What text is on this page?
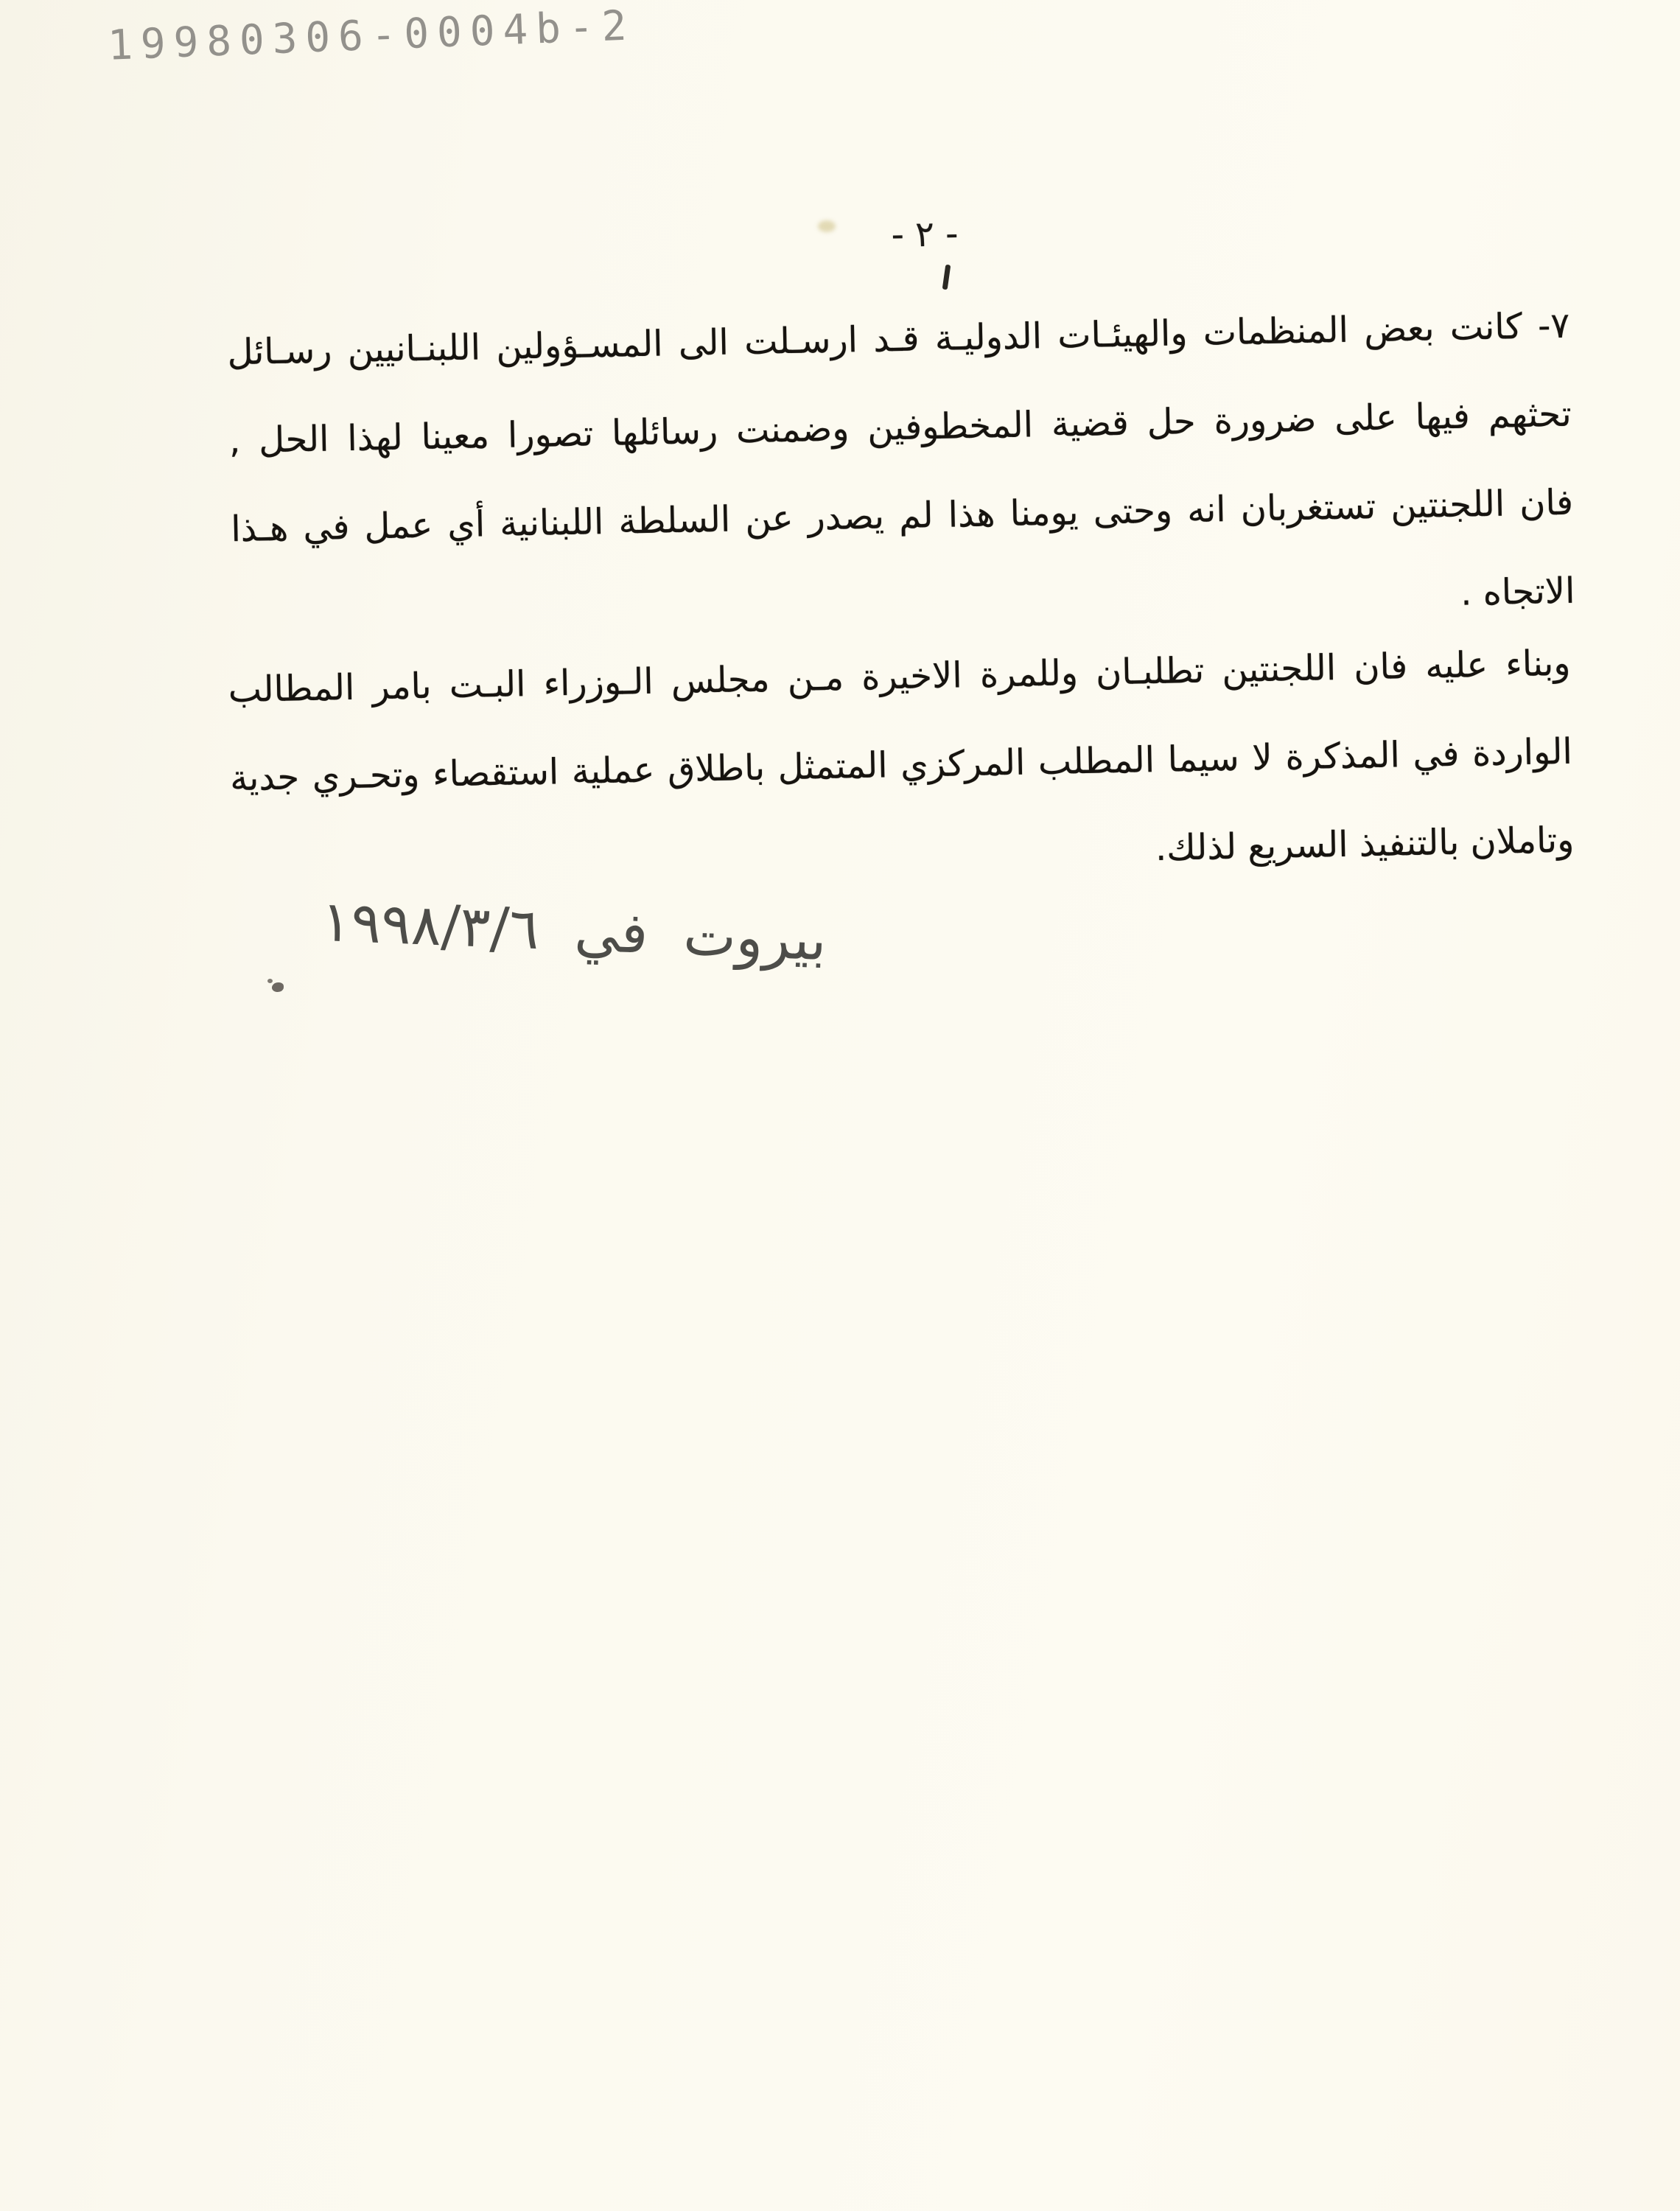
19980306-0004b-2
- ٢ -
٧- كانت بعض المنظمات والهيئـات الدوليـة قـد ارسـلت الى المسـؤولين اللبنـانيين رسـائل
تحثهم فيها على ضرورة حل قضية المخطوفين وضمنت رسائلها تصورا معينا لهذا الحل ,
فان اللجنتين تستغربان انه وحتى يومنا هذا لم يصدر عن السلطة اللبنانية أي عمل في هـذا
الاتجاه .
وبناء عليه فان اللجنتين تطلبـان وللمرة الاخيرة مـن مجلس الـوزراء البـت بامر المطالب
الواردة في المذكرة لا سيما المطلب المركزي المتمثل باطلاق عملية استقصاء وتحـري جدية
وتاملان بالتنفيذ السريع لذلك.
بيروت في ١٩٩٨/٣/٦
